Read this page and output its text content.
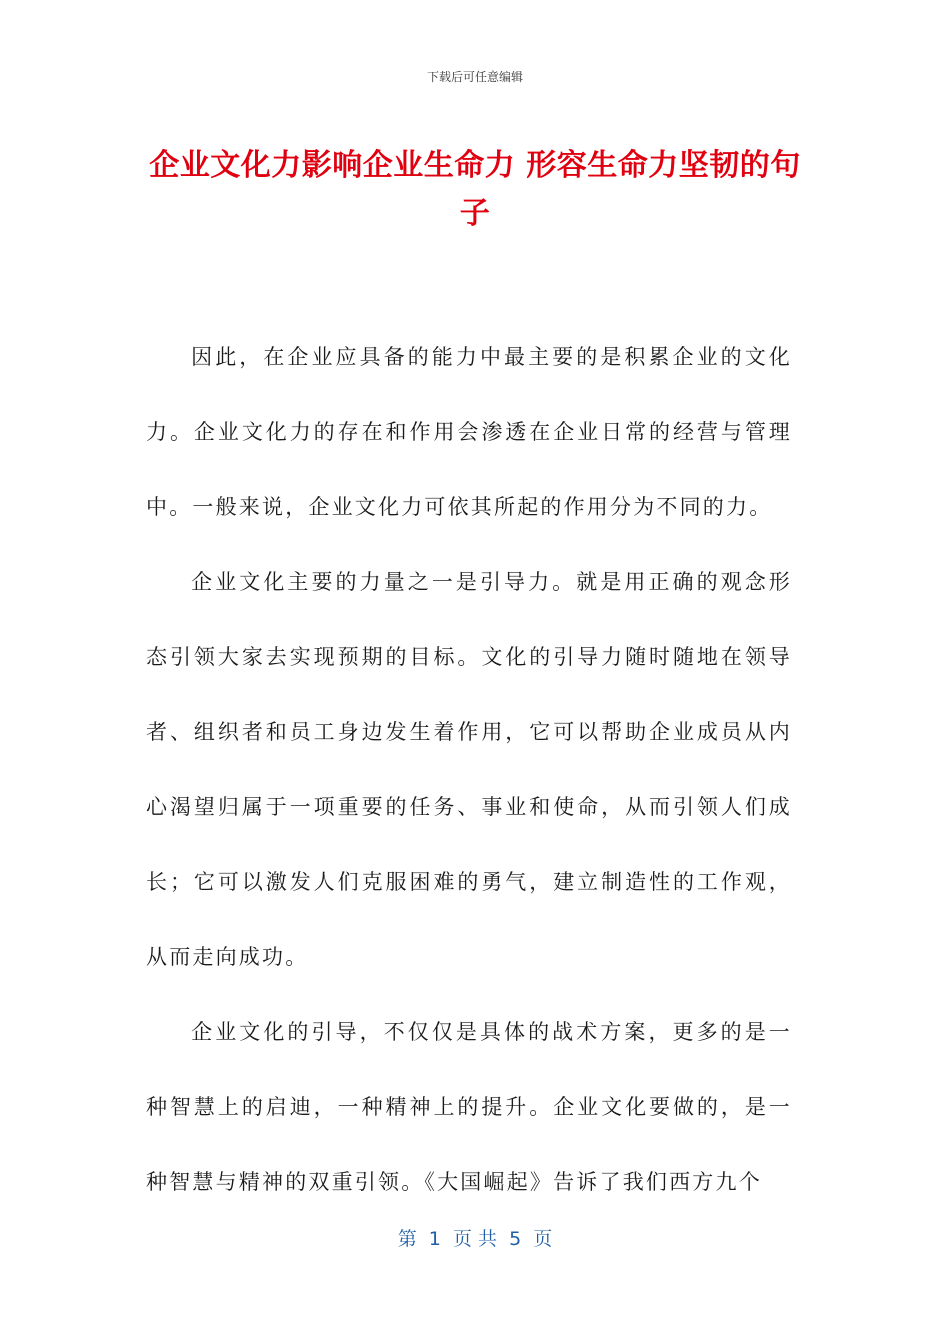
下载后可任意编辑
企业文化力影响企业生命力 形容生命力坚韧的句子

因此，在企业应具备的能力中最主要的是积累企业的文化力。企业文化力的存在和作用会渗透在企业日常的经营与管理中。一般来说，企业文化力可依其所起的作用分为不同的力。

企业文化主要的力量之一是引导力。就是用正确的观念形态引领大家去实现预期的目标。文化的引导力随时随地在领导者、组织者和员工身边发生着作用，它可以帮助企业成员从内心渴望归属于一项重要的任务、事业和使命，从而引领人们成长；它可以激发人们克服困难的勇气，建立制造性的工作观，从而走向成功。

企业文化的引导，不仅仅是具体的战术方案，更多的是一种智慧上的启迪，一种精神上的提升。企业文化要做的，是一种智慧与精神的双重引领。《大国崛起》告诉了我们西方九个

第  1  页 共  5  页
